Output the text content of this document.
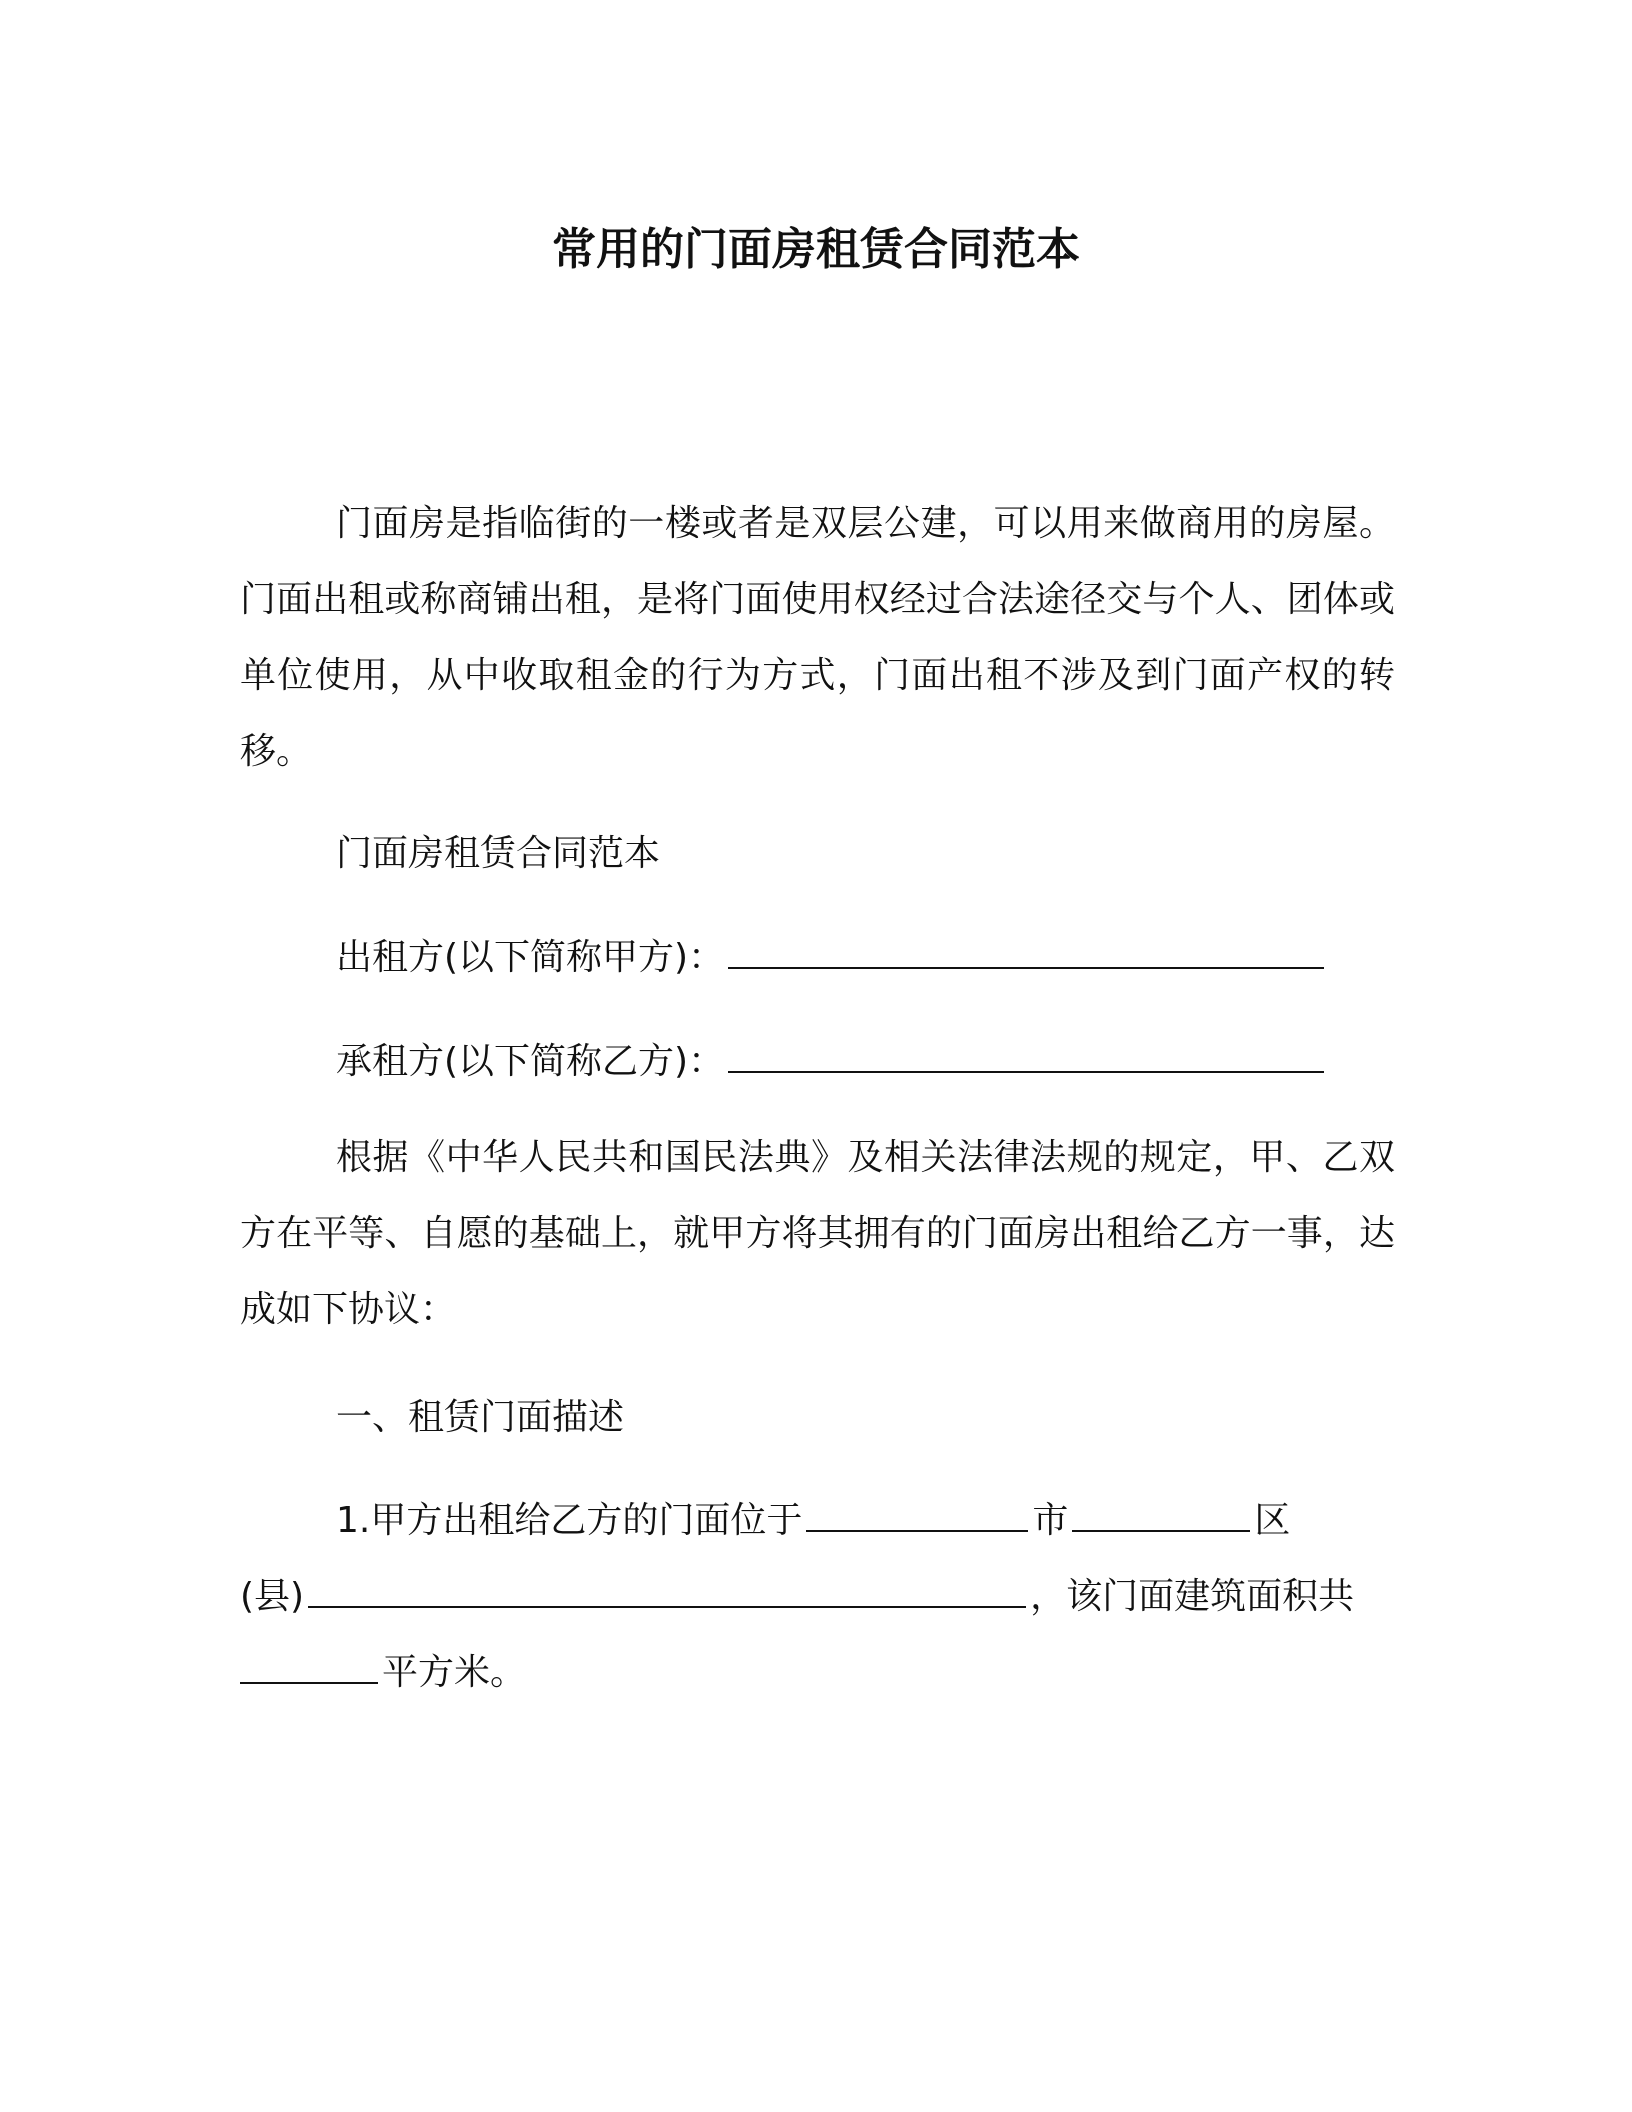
常用的门面房租赁合同范本

门面房是指临街的一楼或者是双层公建，可以用来做商用的房屋。门面出租或称商铺出租，是将门面使用权经过合法途径交与个人、团体或单位使用，从中收取租金的行为方式，门面出租不涉及到门面产权的转移。

门面房租赁合同范本
出租方(以下简称甲方)：
承租方(以下简称乙方)：

根据《中华人民共和国民法典》及相关法律法规的规定，甲、乙双方在平等、自愿的基础上，就甲方将其拥有的门面房出租给乙方一事，达成如下协议：

一、租赁门面描述
1.甲方出租给乙方的门面位于	市	区
(县)	，该门面建筑面积共
平方米。
